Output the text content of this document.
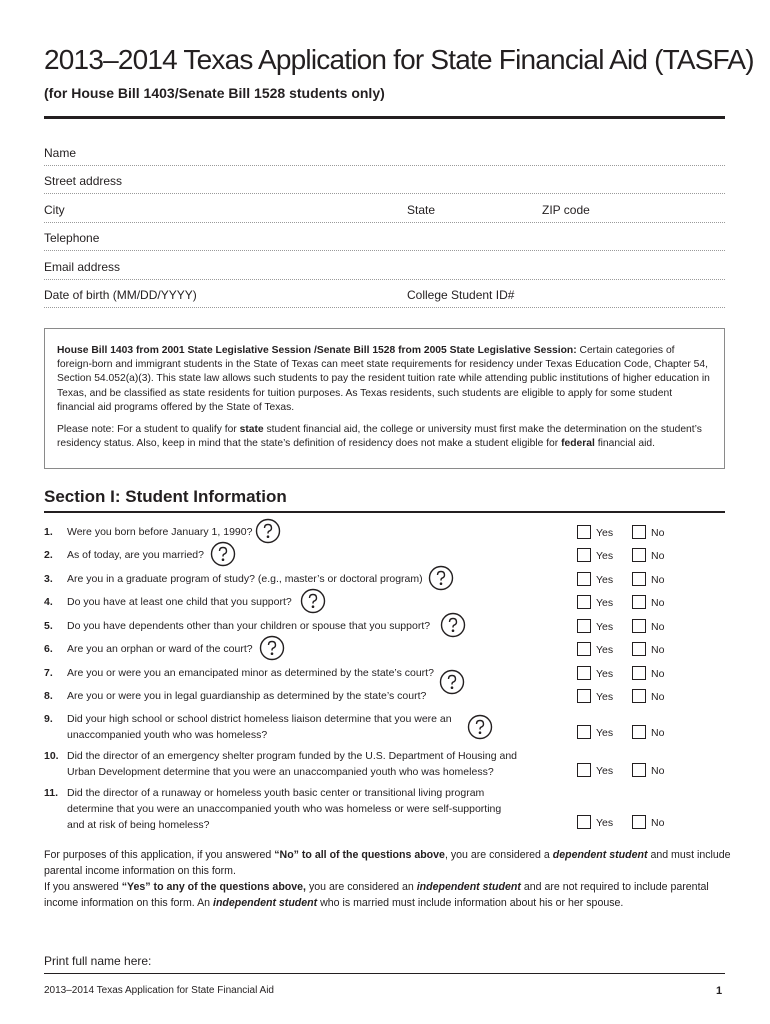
2013–2014 Texas Application for State Financial Aid (TASFA)
(for House Bill 1403/Senate Bill 1528 students only)
Name
Street address
City	State	ZIP code
Telephone
Email address
Date of birth (MM/DD/YYYY)	College Student ID#

House Bill 1403 from 2001 State Legislative Session /Senate Bill 1528 from 2005 State Legislative Session: Certain categories of foreign-born and immigrant students in the State of Texas can meet state requirements for residency under Texas Education Code, Chapter 54, Section 54.052(a)(3). This state law allows such students to pay the resident tuition rate while attending public institutions of higher education in Texas, and be classified as state residents for tuition purposes. As Texas residents, such students are eligible to apply for some student financial aid programs offered by the State of Texas.

Please note: For a student to qualify for state student financial aid, the college or university must first make the determination on the student’s residency status. Also, keep in mind that the state’s definition of residency does not make a student eligible for federal financial aid.

Section I: Student Information
1. Were you born before January 1, 1990?	Yes	No
2. As of today, are you married?	Yes	No
3. Are you in a graduate program of study? (e.g., master’s or doctoral program)	Yes	No
4. Do you have at least one child that you support?	Yes	No
5. Do you have dependents other than your children or spouse that you support?	Yes	No
6. Are you an orphan or ward of the court?	Yes	No
7. Are you or were you an emancipated minor as determined by the state’s court?	Yes	No
8. Are you or were you in legal guardianship as determined by the state’s court?	Yes	No
9. Did your high school or school district homeless liaison determine that you were an
unaccompanied youth who was homeless?	Yes	No
10. Did the director of an emergency shelter program funded by the U.S. Department of Housing and
Urban Development determine that you were an unaccompanied youth who was homeless?	Yes	No
11. Did the director of a runaway or homeless youth basic center or transitional living program
determine that you were an unaccompanied youth who was homeless or were self-supporting
and at risk of being homeless?	Yes	No
For purposes of this application, if you answered “No” to all of the questions above, you are considered a dependent student and must include parental income information on this form.
If you answered “Yes” to any of the questions above, you are considered an independent student and are not required to include parental income information on this form. An independent student who is married must include information about his or her spouse.
Print full name here:
2013–2014 Texas Application for State Financial Aid	1
